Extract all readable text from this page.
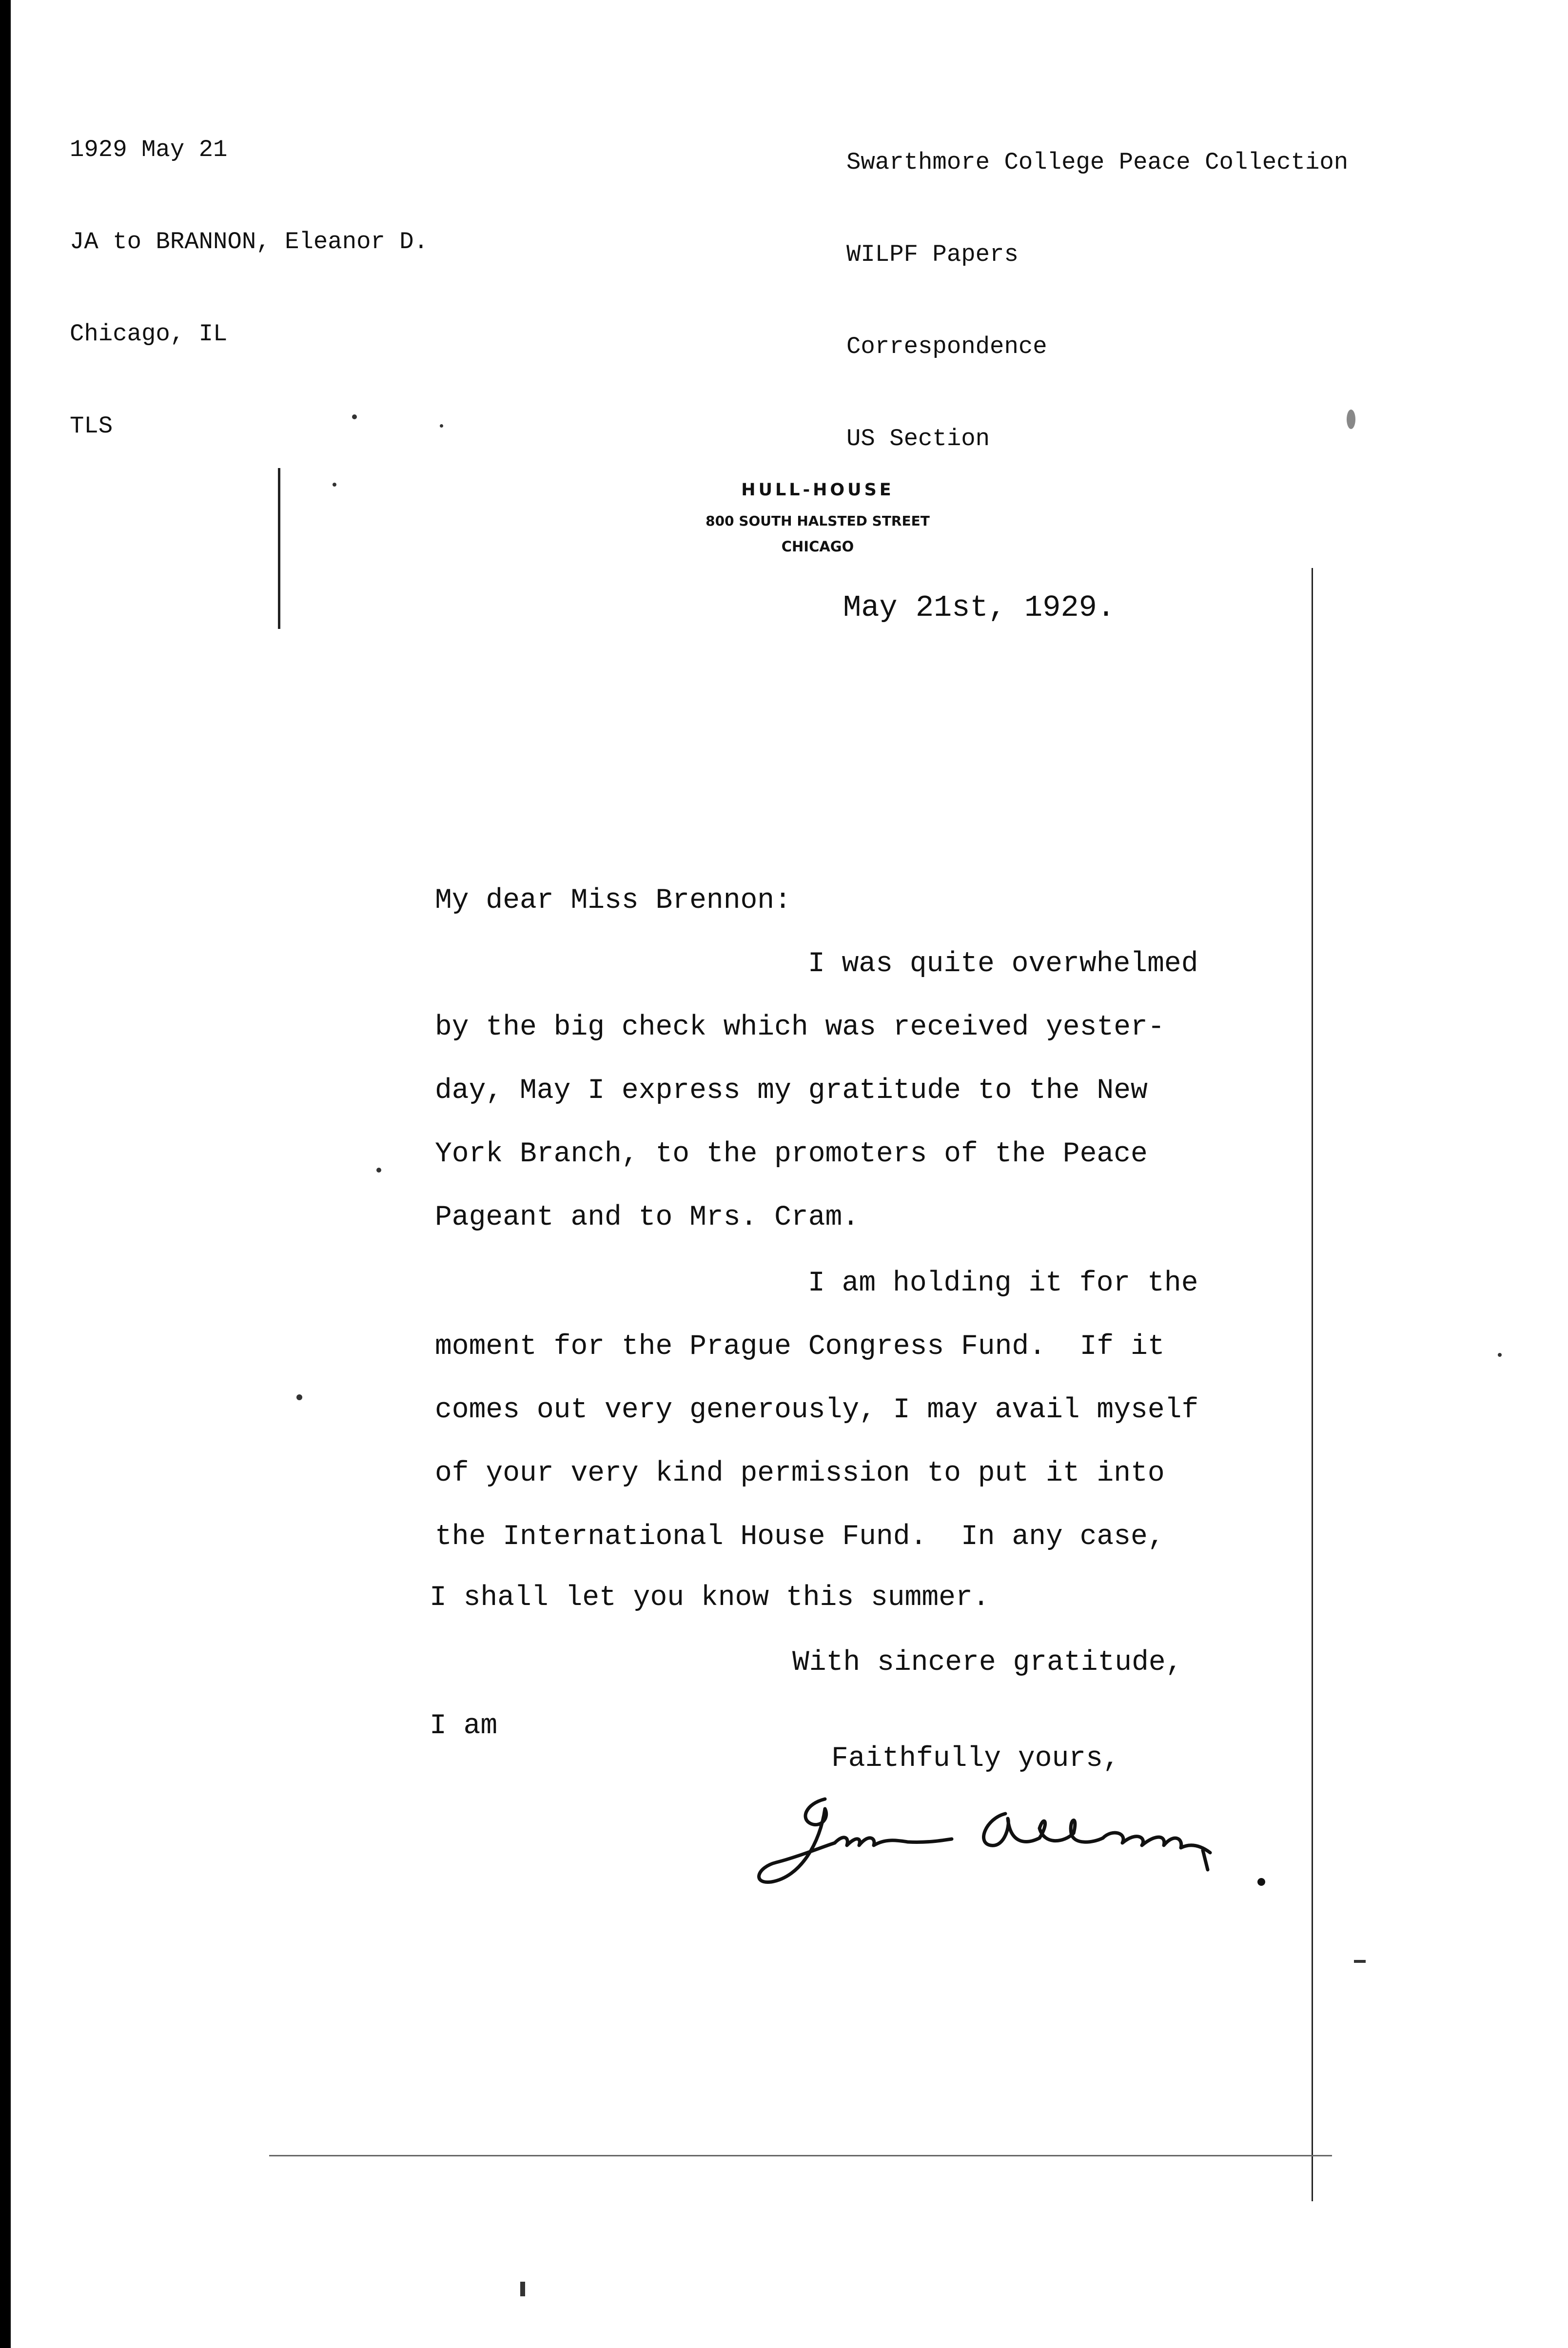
1929 May 21

JA to BRANNON, Eleanor D.

Chicago, IL

TLS

Swarthmore College Peace Collection

WILPF Papers

Correspondence

US Section

HULL-HOUSE
800 SOUTH HALSTED STREET
CHICAGO
May 21st, 1929.
My dear Miss Brennon:
I was quite overwhelmed
by the big check which was received yester-
day, May I express my gratitude to the New
York Branch, to the promoters of the Peace
Pageant and to Mrs. Cram.
I am holding it for the
moment for the Prague Congress Fund.  If it
comes out very generously, I may avail myself
of your very kind permission to put it into
the International House Fund.  In any case,
I shall let you know this summer.
With sincere gratitude,
I am
Faithfully yours,
